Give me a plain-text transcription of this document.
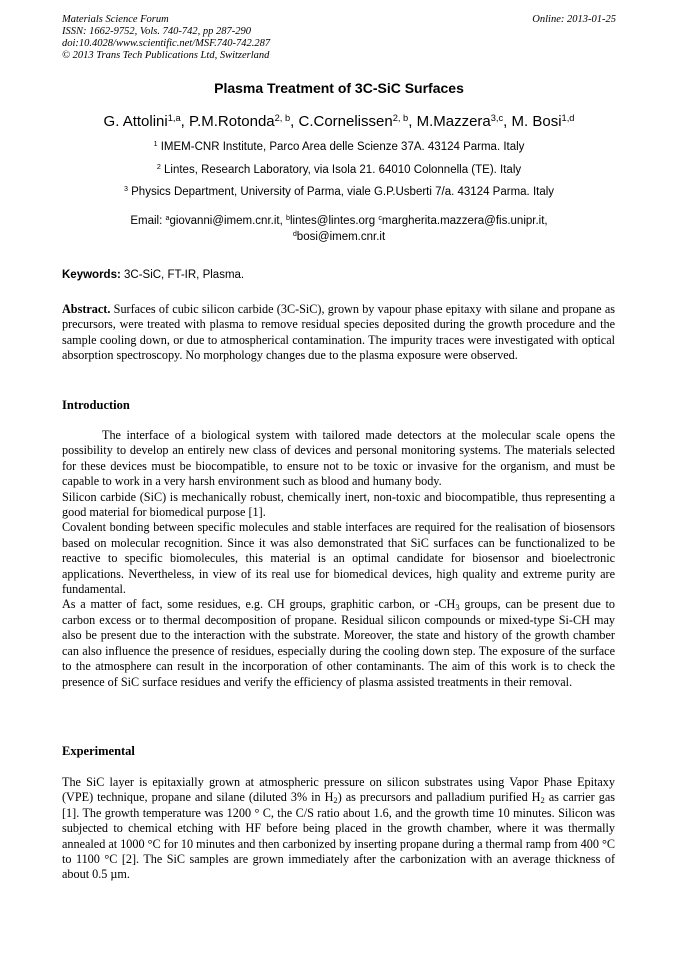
Materials Science Forum
ISSN: 1662-9752, Vols. 740-742, pp 287-290
doi:10.4028/www.scientific.net/MSF.740-742.287
© 2013 Trans Tech Publications Ltd, Switzerland
Online: 2013-01-25
Plasma Treatment of 3C-SiC Surfaces
G. Attolini$^{1,a}$, P.M.Rotonda$^{2, b}$, C.Cornelissen$^{2, b}$, M.Mazzera$^{3,c}$, M. Bosi$^{1,d}$
$^1$ IMEM-CNR Institute, Parco Area delle Scienze 37A. 43124 Parma. Italy
$^2$ Lintes, Research Laboratory, via Isola 21. 64010 Colonnella (TE). Italy
$^3$ Physics Department, University of Parma, viale G.P.Usberti 7/a. 43124 Parma. Italy
Email: $^a$giovanni@imem.cnr.it, $^b$lintes@lintes.org $^c$margherita.mazzera@fis.unipr.it,
$^d$bosi@imem.cnr.it
Keywords: 3C-SiC, FT-IR, Plasma.

Abstract. Surfaces of cubic silicon carbide (3C-SiC), grown by vapour phase epitaxy with silane and propane as precursors, were treated with plasma to remove residual species deposited during the growth procedure and the sample cooling down, or due to atmospherical contamination. The impurity traces were investigated with optical absorption spectroscopy. No morphology changes due to the plasma exposure were observed.

Introduction

The interface of a biological system with tailored made detectors at the molecular scale opens the possibility to develop an entirely new class of devices and personal monitoring systems. The materials selected for these devices must be biocompatible, to ensure not to be toxic or invasive for the organism, and must be capable to work in a very harsh environment such as blood and humany body.

Silicon carbide (SiC) is mechanically robust, chemically inert, non-toxic and biocompatible, thus representing a good material for biomedical purpose [1].

Covalent bonding between specific molecules and stable interfaces are required for the realisation of biosensors based on molecular recognition. Since it was also demonstrated that SiC surfaces can be functionalized to be reactive to specific biomolecules, this material is an optimal candidate for biosensor and bioelectronic applications. Nevertheless, in view of its real use for biomedical devices, high quality and extreme purity are fundamental.

As a matter of fact, some residues, e.g. CH groups, graphitic carbon, or $-CH_3$ groups, can be present due to carbon excess or to thermal decomposition of propane. Residual silicon compounds or mixed-type Si-CH may also be present due to the interaction with the substrate. Moreover, the state and history of the growth chamber can also influence the presence of residues, especially during the cooling down step. The exposure of the surface to the atmosphere can result in the incorporation of other contaminants. The aim of this work is to check the presence of SiC surface residues and verify the efficiency of plasma assisted treatments in their removal.

Experimental

The SiC layer is epitaxially grown at atmospheric pressure on silicon substrates using Vapor Phase Epitaxy (VPE) technique, propane and silane (diluted 3% in $H_2$) as precursors and palladium purified $H_2$ as carrier gas [1]. The growth temperature was 1200 ° C, the C/S ratio about 1.6, and the growth time 10 minutes. Silicon was subjected to chemical etching with HF before being placed in the growth chamber, where it was thermally annealed at 1000 °C for 10 minutes and then carbonized by inserting propane during a thermal ramp from 400 °C to 1100 °C [2]. The SiC samples are grown immediately after the carbonization with an average thickness of about 0.5 µm.
